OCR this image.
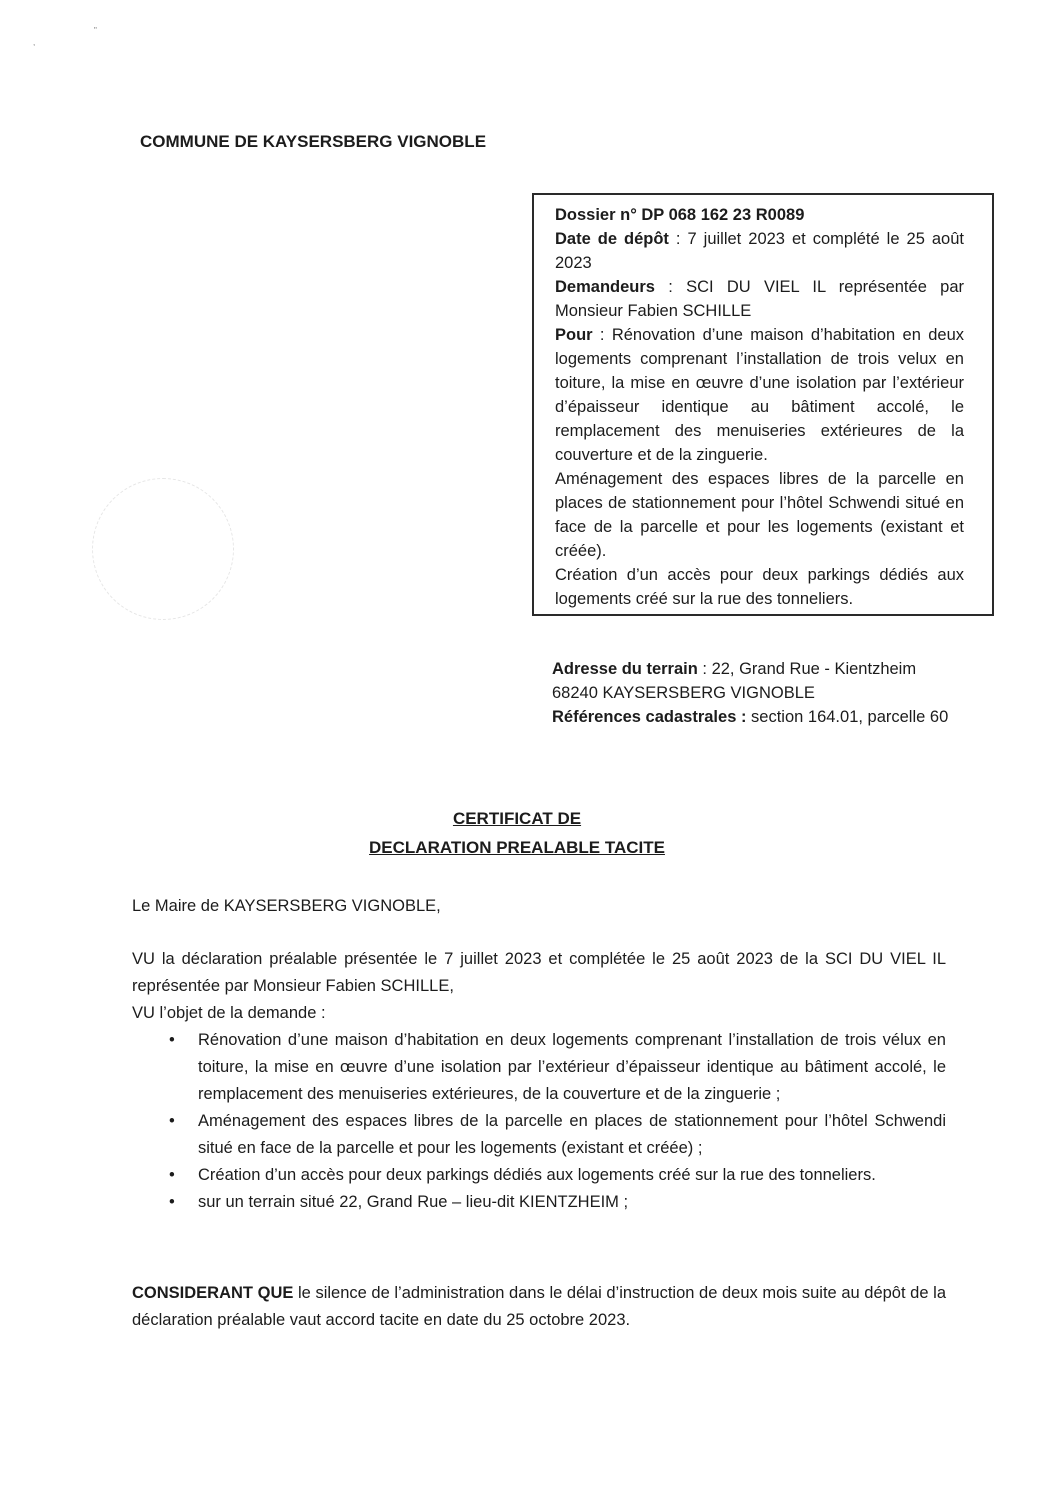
"
,
COMMUNE DE KAYSERSBERG VIGNOBLE

Dossier n° DP 068 162 23 R0089

Date de dépôt : 7 juillet 2023 et complété le 25 août 2023

Demandeurs : SCI DU VIEL IL représentée par Monsieur Fabien SCHILLE

Pour : Rénovation d’une maison d’habitation en deux logements comprenant l’installation de trois velux en toiture, la mise en œuvre d’une isolation par l’extérieur d’épaisseur identique au bâtiment accolé, le remplacement des menuiseries extérieures de la couverture et de la zinguerie.

Aménagement des espaces libres de la parcelle en places de stationnement pour l’hôtel Schwendi situé en face de la parcelle et pour les logements (existant et créée).

Création d’un accès pour deux parkings dédiés aux logements créé sur la rue des tonneliers.

Adresse du terrain : 22, Grand Rue - Kientzheim
68240 KAYSERSBERG VIGNOBLE
Références cadastrales : section 164.01, parcelle 60
CERTIFICAT DE
DECLARATION PREALABLE TACITE
Le Maire de KAYSERSBERG VIGNOBLE,

VU la déclaration préalable présentée le 7 juillet 2023 et complétée le 25 août 2023 de la SCI DU VIEL IL représentée par Monsieur Fabien SCHILLE,

VU l’objet de la demande :

• Rénovation d’une maison d’habitation en deux logements comprenant l’installation de trois vélux en toiture, la mise en œuvre d’une isolation par l’extérieur d’épaisseur identique au bâtiment accolé, le remplacement des menuiseries extérieures, de la couverture et de la zinguerie ;
• Aménagement des espaces libres de la parcelle en places de stationnement pour l’hôtel Schwendi situé en face de la parcelle et pour les logements (existant et créée) ;
• Création d’un accès pour deux parkings dédiés aux logements créé sur la rue des tonneliers.
• sur un terrain situé 22, Grand Rue – lieu-dit KIENTZHEIM ;

CONSIDERANT QUE le silence de l’administration dans le délai d’instruction de deux mois suite au dépôt de la déclaration préalable vaut accord tacite en date du 25 octobre 2023.
